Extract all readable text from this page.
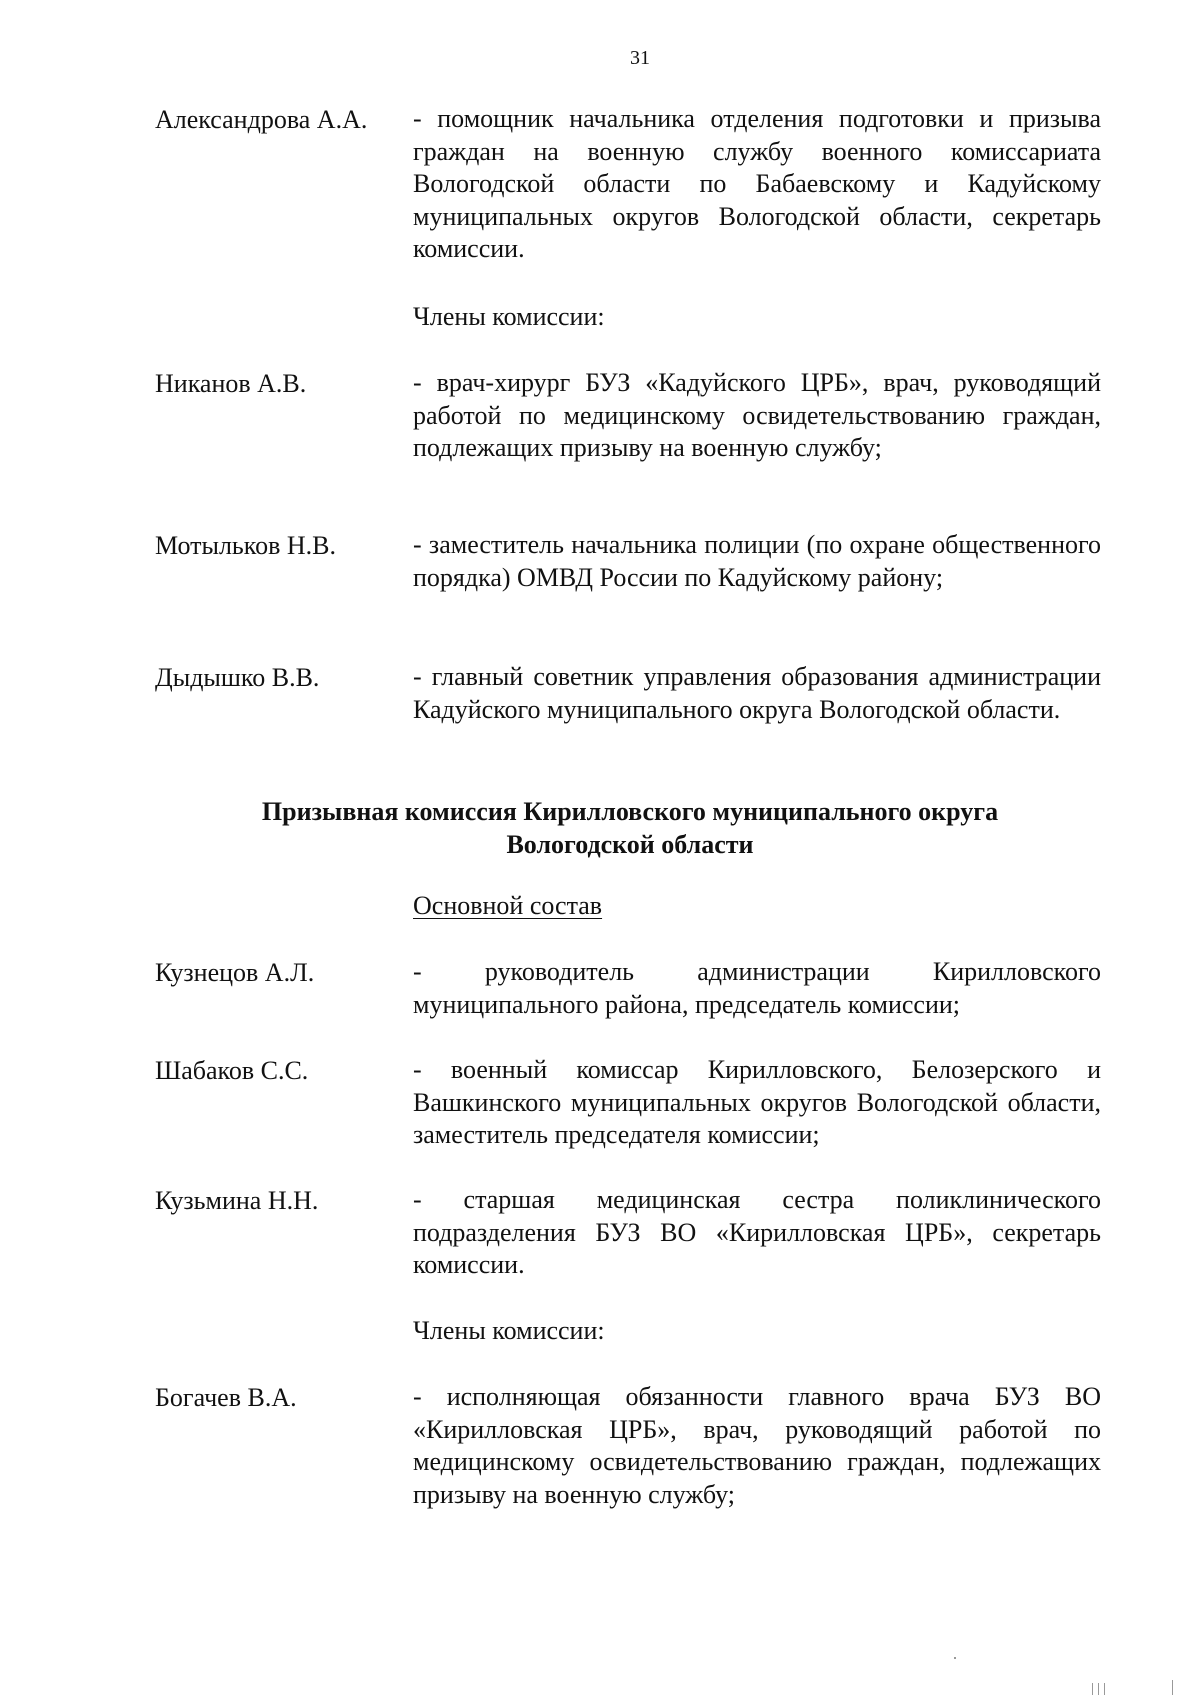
31
Александрова А.А.	- помощник начальника отделения подготовки и призыва граждан на военную службу военного комиссариата Вологодской области по Бабаевскому и Кадуйскому муниципальных округов Вологодской области, секретарь комиссии.
Члены комиссии:
Никанов А.В.	- врач-хирург БУЗ «Кадуйского ЦРБ», врач, руководящий работой по медицинскому освидетельствованию граждан, подлежащих призыву на военную службу;
Мотыльков Н.В.	- заместитель начальника полиции (по охране общественного порядка) ОМВД России по Кадуйскому району;
Дыдышко В.В.	- главный советник управления образования администрации Кадуйского муниципального округа Вологодской области.
Призывная комиссия Кирилловского муниципального округа
Вологодской области
Основной состав
Кузнецов А.Л.	- руководитель администрации Кирилловского муниципального района, председатель комиссии;
Шабаков С.С.	- военный комиссар Кирилловского, Белозерского и Вашкинского муниципальных округов Вологодской области, заместитель председателя комиссии;
Кузьмина Н.Н.	- старшая медицинская сестра поликлинического подразделения БУЗ ВО «Кирилловская ЦРБ», секретарь комиссии.
Члены комиссии:
Богачев В.А.	- исполняющая обязанности главного врача БУЗ ВО «Кирилловская ЦРБ», врач, руководящий работой по медицинскому освидетельствованию граждан, подлежащих призыву на военную службу;
